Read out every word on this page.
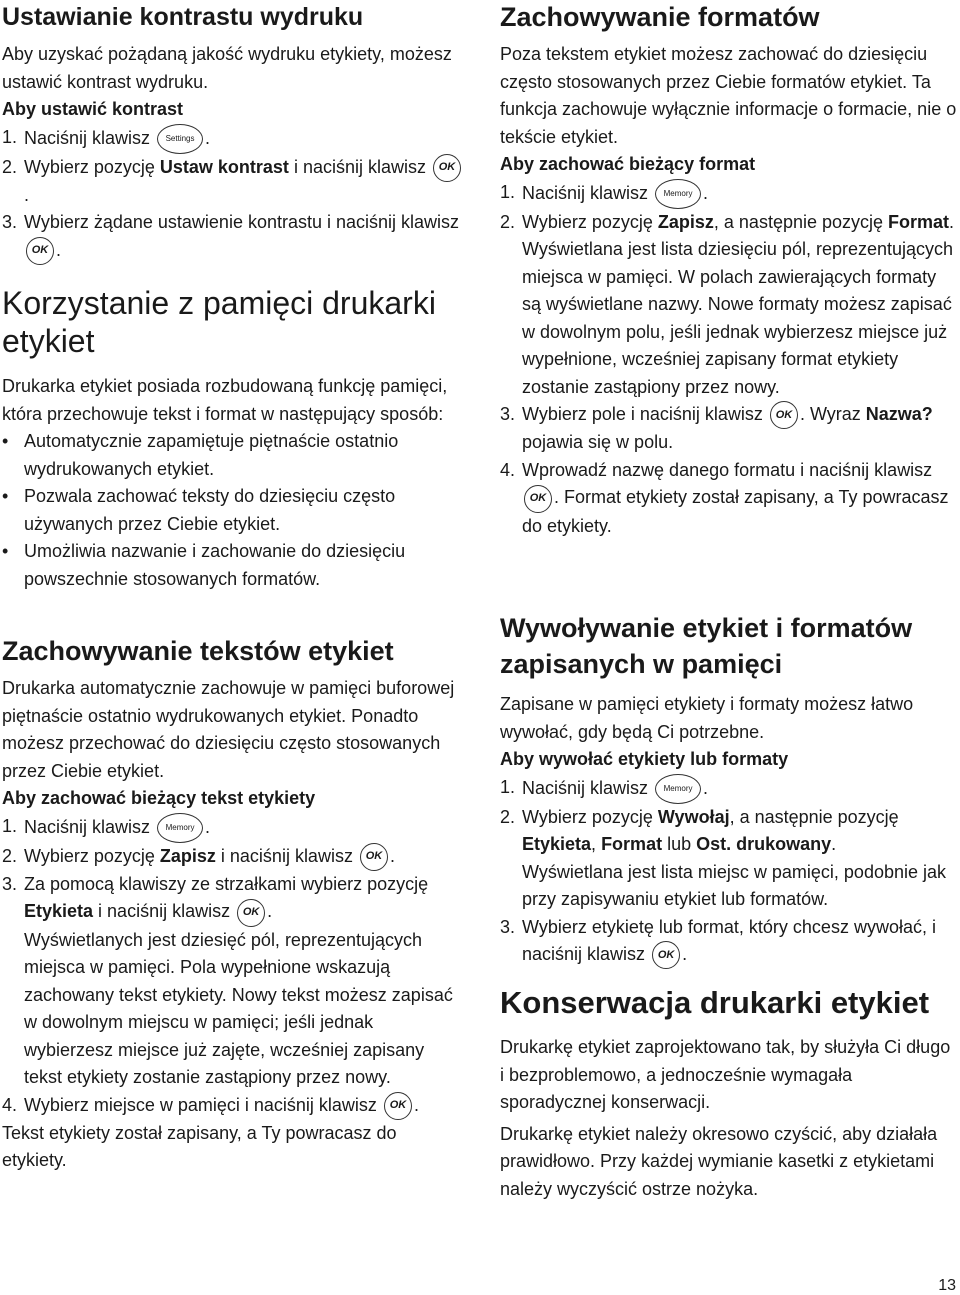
Ustawianie kontrastu wydruku

Aby uzyskać pożądaną jakość wydruku etykiety, możesz ustawić kontrast wydruku.

Aby ustawić kontrast

1. Naciśnij klawisz Settings .

2. Wybierz pozycję Ustaw kontrast i naciśnij klawisz OK.

3. Wybierz żądane ustawienie kontrastu i naciśnij klawisz OK .

Korzystanie z pamięci drukarki etykiet

Drukarka etykiet posiada rozbudowaną funkcję pamięci, która przechowuje tekst i format w następujący sposób:

• Automatycznie zapamiętuje piętnaście ostatnio wydrukowanych etykiet.

• Pozwala zachować teksty do dziesięciu często używanych przez Ciebie etykiet.

• Umożliwia nazwanie i zachowanie do dziesięciu powszechnie stosowanych formatów.

Zachowywanie tekstów etykiet

Drukarka automatycznie zachowuje w pamięci buforowej piętnaście ostatnio wydrukowanych etykiet. Ponadto możesz przechować do dziesięciu często stosowanych przez Ciebie etykiet.

Aby zachować bieżący tekst etykiety

1. Naciśnij klawisz Memory .

2. Wybierz pozycję Zapisz i naciśnij klawisz OK .

3. Za pomocą klawiszy ze strzałkami wybierz pozycję Etykieta i naciśnij klawisz OK .

Wyświetlanych jest dziesięć pól, reprezentujących miejsca w pamięci. Pola wypełnione wskazują zachowany tekst etykiety. Nowy tekst możesz zapisać w dowolnym miejscu w pamięci; jeśli jednak wybierzesz miejsce już zajęte, wcześniej zapisany tekst etykiety zostanie zastąpiony przez nowy.

4. Wybierz miejsce w pamięci i naciśnij klawisz OK .

Tekst etykiety został zapisany, a Ty powracasz do etykiety.

Zachowywanie formatów

Poza tekstem etykiet możesz zachować do dziesięciu często stosowanych przez Ciebie formatów etykiet. Ta funkcja zachowuje wyłącznie informacje o formacie, nie o tekście etykiet.

Aby zachować bieżący format

1. Naciśnij klawisz Memory .

2. Wybierz pozycję Zapisz, a następnie pozycję Format.

Wyświetlana jest lista dziesięciu pól, reprezentujących miejsca w pamięci. W polach zawierających formaty są wyświetlane nazwy. Nowe formaty możesz zapisać w dowolnym polu, jeśli jednak wybierzesz miejsce już wypełnione, wcześniej zapisany format etykiety zostanie zastąpiony przez nowy.

3. Wybierz pole i naciśnij klawisz OK . Wyraz Nazwa? pojawia się w polu.

4. Wprowadź nazwę danego formatu i naciśnij klawisz OK . Format etykiety został zapisany, a Ty powracasz do etykiety.

Wywoływanie etykiet i formatów zapisanych w pamięci

Zapisane w pamięci etykiety i formaty możesz łatwo wywołać, gdy będą Ci potrzebne.

Aby wywołać etykiety lub formaty

1. Naciśnij klawisz Memory .

2. Wybierz pozycję Wywołaj, a następnie pozycję Etykieta, Format lub Ost. drukowany.

Wyświetlana jest lista miejsc w pamięci, podobnie jak przy zapisywaniu etykiet lub formatów.

3. Wybierz etykietę lub format, który chcesz wywołać, i naciśnij klawisz OK .

Konserwacja drukarki etykiet

Drukarkę etykiet zaprojektowano tak, by służyła Ci długo i bezproblemowo, a jednocześnie wymagała sporadycznej konserwacji.

Drukarkę etykiet należy okresowo czyścić, aby działała prawidłowo. Przy każdej wymianie kasetki z etykietami należy wyczyścić ostrze nożyka.

13
